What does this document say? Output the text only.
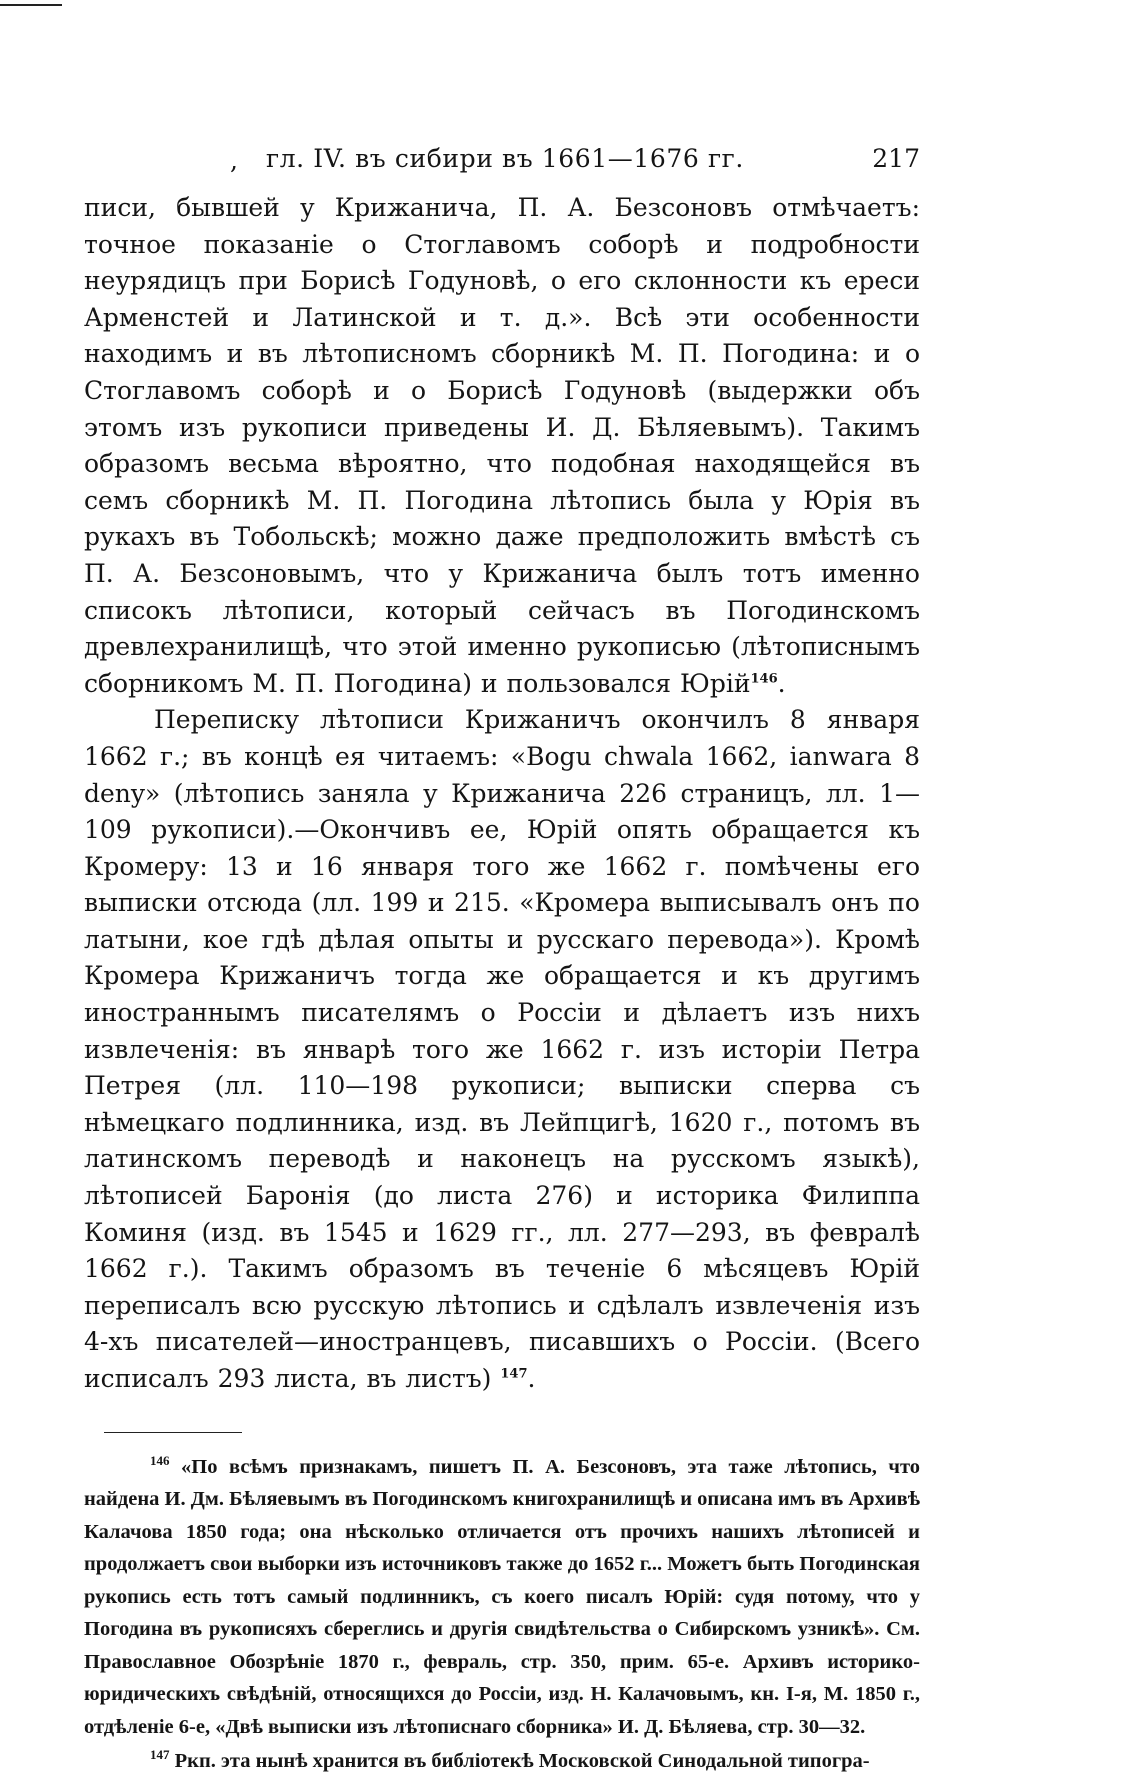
, гл. IV. въ сибири въ 1661—1676 гг.	217

писи, бывшей у Крижанича, П. А. Безсоновъ отмѣчаетъ: точное показаніе о Стоглавомъ соборѣ и подробности неурядицъ при Борисѣ Годуновѣ, о его склонности къ ереси Арменстей и Латинской и т. д.». Всѣ эти особенности находимъ и въ лѣтописномъ сборникѣ М. П. Погодина: и о Стоглавомъ соборѣ и о Борисѣ Годуновѣ (выдержки объ этомъ изъ рукописи приведены И. Д. Бѣляевымъ). Такимъ образомъ весьма вѣроятно, что подобная находящейся въ семъ сборникѣ М. П. Погодина лѣтопись была у Юрія въ рукахъ въ Тобольскѣ; можно даже предположить вмѣстѣ съ П. А. Безсоновымъ, что у Крижанича былъ тотъ именно списокъ лѣтописи, который сейчасъ въ Погодинскомъ древлехранилищѣ, что этой именно рукописью (лѣтописнымъ сборникомъ М. П. Погодина) и пользовался Юрій$^{146}$.

Переписку лѣтописи Крижаничъ окончилъ 8 января 1662 г.; въ концѣ ея читаемъ: «Bogu chwala 1662, ianwara 8 deny» (лѣтопись заняла у Крижанича 226 страницъ, лл. 1—109 рукописи).—Окончивъ ее, Юрій опять обращается къ Кромеру: 13 и 16 января того же 1662 г. помѣчены его выписки отсюда (лл. 199 и 215. «Кромера выписывалъ онъ по латыни, кое гдѣ дѣлая опыты и русскаго перевода»). Кромѣ Кромера Крижаничъ тогда же обращается и къ другимъ иностраннымъ писателямъ о Россіи и дѣлаетъ изъ нихъ извлеченія: въ январѣ того же 1662 г. изъ исторіи Петра Петрея (лл. 110—198 рукописи; выписки сперва съ нѣмецкаго подлинника, изд. въ Лейпцигѣ, 1620 г., потомъ въ латинскомъ переводѣ и наконецъ на русскомъ языкѣ), лѣтописей Баронія (до листа 276) и историка Филиппа Коминя (изд. въ 1545 и 1629 гг., лл. 277—293, въ февралѣ 1662 г.). Такимъ образомъ въ теченіе 6 мѣсяцевъ Юрій переписалъ всю русскую лѣтопись и сдѣлалъ извлеченія изъ 4-хъ писателей—иностранцевъ, писавшихъ о Россіи. (Всего исписалъ 293 листа, въ листъ) $^{147}$.

$^{146}$ «По всѣмъ признакамъ, пишетъ П. А. Безсоновъ, эта таже лѣтопись, что найдена И. Дм. Бѣляевымъ въ Погодинскомъ книгохранилищѣ и описана имъ въ Архивѣ Калачова 1850 года; она нѣсколько отличается отъ прочихъ нашихъ лѣтописей и продолжаетъ свои выборки изъ источниковъ также до 1652 г... Можетъ быть Погодинская рукопись есть тотъ самый подлинникъ, съ коего писалъ Юрій: судя потому, что у Погодина въ рукописяхъ сбереглись и другія свидѣтельства о Сибирскомъ узникѣ». См. Православное Обозрѣніе 1870 г., февраль, стр. 350, прим. 65-е. Архивъ историко-юридическихъ свѣдѣній, относящихся до Россіи, изд. Н. Калачовымъ, кн. I-я, М. 1850 г., отдѣленіе 6-е, «Двѣ выписки изъ лѣтописнаго сборника» И. Д. Бѣляева, стр. 30—32.

$^{147}$ Ркп. эта нынѣ хранится въ библіотекѣ Московской Синодальной типогра-
